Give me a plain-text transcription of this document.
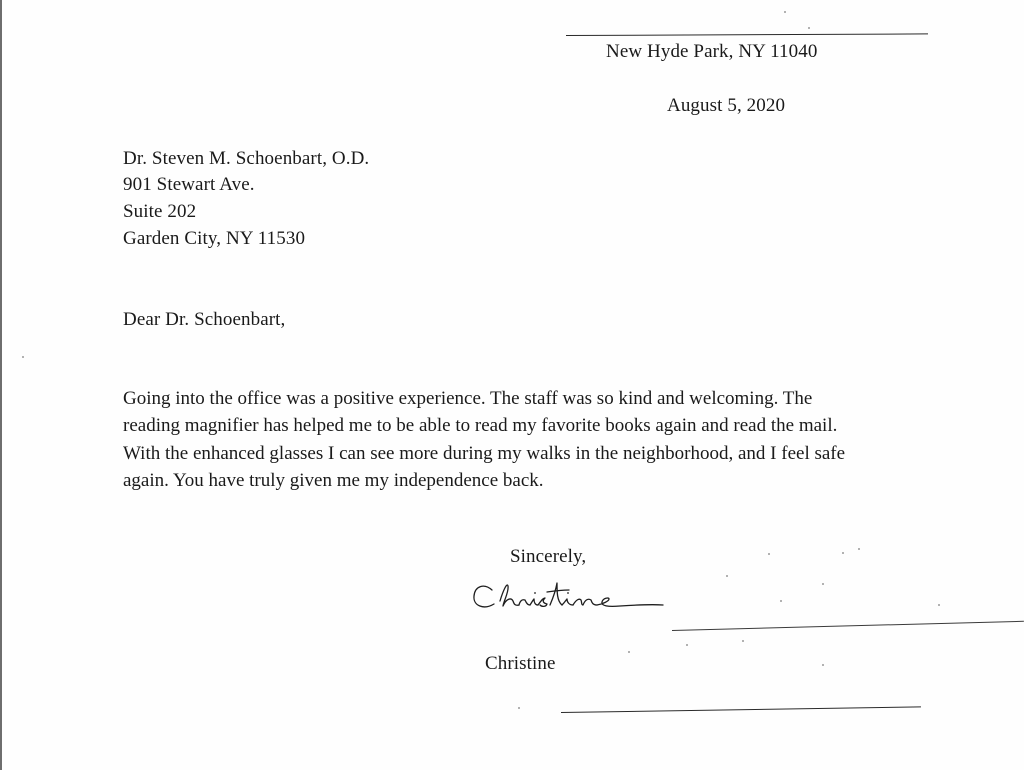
New Hyde Park, NY 11040
August 5, 2020
Dr. Steven M. Schoenbart, O.D.
901 Stewart Ave.
Suite 202
Garden City, NY 11530
Dear Dr. Schoenbart,
Going into the office was a positive experience. The staff was so kind and welcoming. The
reading magnifier has helped me to be able to read my favorite books again and read the mail.
With the enhanced glasses I can see more during my walks in the neighborhood, and I feel safe
again. You have truly given me my independence back.
Sincerely,
Christine
